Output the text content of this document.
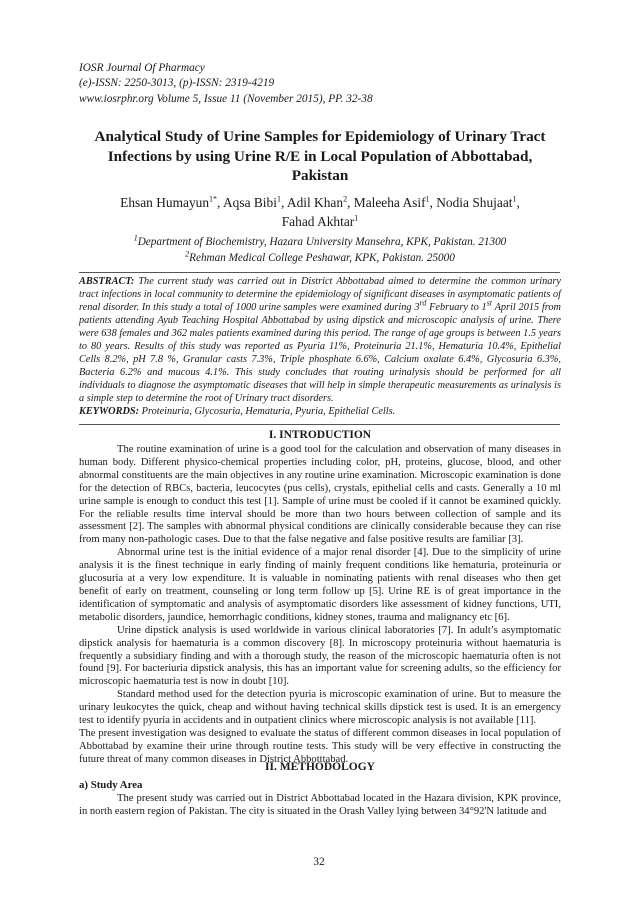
IOSR Journal Of Pharmacy
(e)-ISSN: 2250-3013, (p)-ISSN: 2319-4219
www.iosrphr.org Volume 5, Issue 11 (November 2015), PP. 32-38
Analytical Study of Urine Samples for Epidemiology of Urinary Tract Infections by using Urine R/E in Local Population of Abbottabad, Pakistan
Ehsan Humayun$^{1*}$, Aqsa Bibi$^1$, Adil Khan$^2$, Maleeha Asif$^1$, Nodia Shujaat$^1$,
Fahad Akhtar$^1$
$^1$Department of Biochemistry, Hazara University Mansehra, KPK, Pakistan. 21300
$^2$Rehman Medical College Peshawar, KPK, Pakistan. 25000
ABSTRACT: The current study was carried out in District Abbottabad aimed to determine the common urinary tract infections in local community to determine the epidemiology of significant diseases in asymptomatic patients of renal disorder. In this study a total of 1000 urine samples were examined during 3rd February to 1st April 2015 from patients attending Ayub Teaching Hospital Abbottabad by using dipstick and microscopic analysis of urine. There were 638 females and 362 males patients examined during this period. The range of age groups is between 1.5 years to 80 years. Results of this study was reported as Pyuria 11%, Proteinuria 21.1%, Hematuria 10.4%, Epithelial Cells 8.2%, pH 7.8 %, Granular casts 7.3%, Triple phosphate 6.6%, Calcium oxalate 6.4%, Glycosuria 6.3%, Bacteria 6.2% and mucous 4.1%. This study concludes that routing urinalysis should be performed for all individuals to diagnose the asymptomatic diseases that will help in simple therapeutic measurements as urinalysis is a simple step to determine the root of Urinary tract disorders.
KEYWORDS: Proteinuria, Glycosuria, Hematuria, Pyuria, Epithelial Cells.
I. INTRODUCTION

The routine examination of urine is a good tool for the calculation and observation of many diseases in human body. Different physico-chemical properties including color, pH, proteins, glucose, blood, and other abnormal constituents are the main objectives in any routine urine examination. Microscopic examination is done for the detection of RBCs, bacteria, leucocytes (pus cells), crystals, epithelial cells and casts. Generally a 10 ml urine sample is enough to conduct this test [1]. Sample of urine must be cooled if it cannot be examined quickly. For the reliable results time interval should be more than two hours between collection of sample and its assessment [2]. The samples with abnormal physical conditions are clinically considerable because they can rise from many non-pathologic cases. Due to that the false negative and false positive results are familiar [3].

Abnormal urine test is the initial evidence of a major renal disorder [4]. Due to the simplicity of urine analysis it is the finest technique in early finding of mainly frequent conditions like hematuria, proteinuria or glucosuria at a very low expenditure. It is valuable in nominating patients with renal diseases who then get benefit of early on treatment, counseling or long term follow up [5]. Urine RE is of great importance in the identification of symptomatic and analysis of asymptomatic disorders like assessment of kidney functions, UTI, metabolic disorders, jaundice, hemorrhagic conditions, kidney stones, trauma and malignancy etc [6].

Urine dipstick analysis is used worldwide in various clinical laboratories [7]. In adult’s asymptomatic dipstick analysis for haematuria is a common discovery [8]. In microscopy proteinuria without haematuria is frequently a subsidiary finding and with a thorough study, the reason of the microscopic haematuria often is not found [9]. For bacteriuria dipstick analysis, this has an important value for screening adults, so the efficiency for microscopic haematuria test is now in doubt [10].

Standard method used for the detection pyuria is microscopic examination of urine. But to measure the urinary leukocytes the quick, cheap and without having technical skills dipstick test is used. It is an emergency test to identify pyuria in accidents and in outpatient clinics where microscopic analysis is not available [11].

The present investigation was designed to evaluate the status of different common diseases in local population of Abbottabad by examine their urine through routine tests. This study will be very effective in constructing the future threat of many common diseases in District Abbotttabad.

II. METHODOLOGY
a) Study Area

The present study was carried out in District Abbottabad located in the Hazara division, KPK province, in north eastern region of Pakistan. The city is situated in the Orash Valley lying between 34°92'N latitude and

32
